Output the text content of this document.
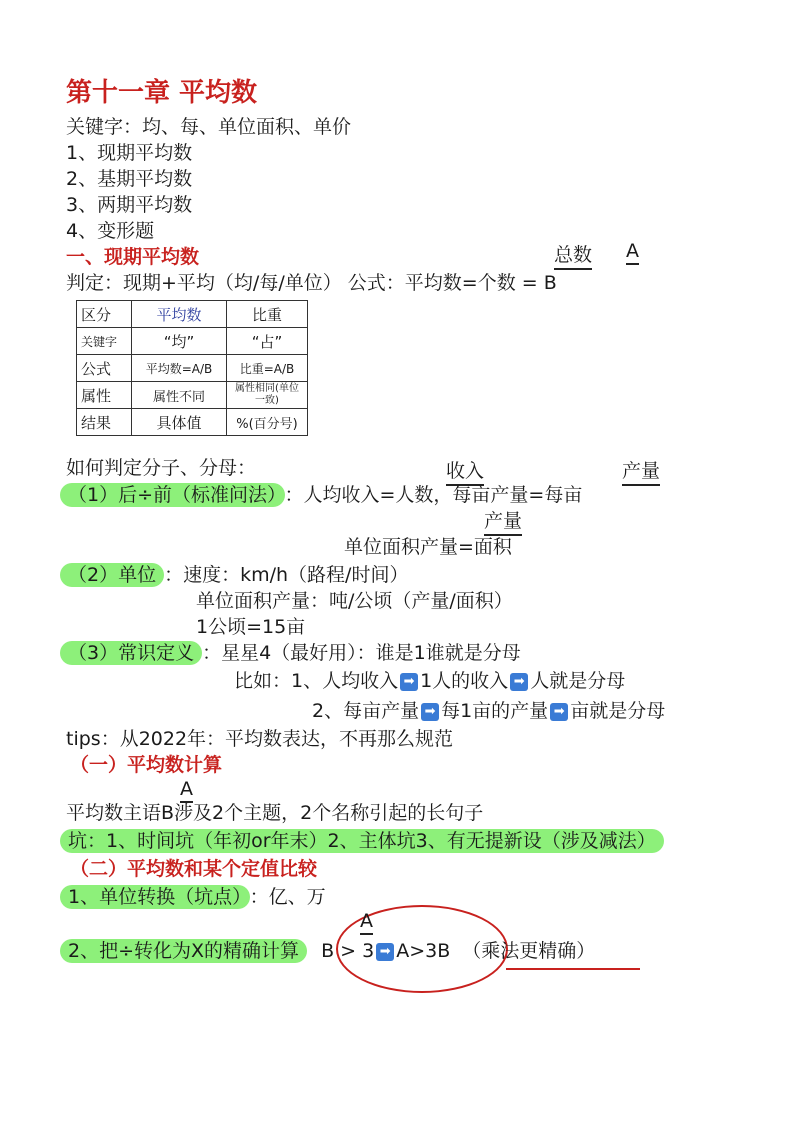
第十一章 平均数
关键字：均、每、单位面积、单价
1、现期平均数
2、基期平均数
3、两期平均数
4、变形题
一、现期平均数	总数 A
判定：现期+平均（均/每/单位） 公式：平均数=个数 = B
区分	平均数	比重
关键字	“均”	“占”
公式	平均数=A/B	比重=A/B
属性	属性不同	属性相同(单位一致)
结果	具体值	%(百分号)
收入	产量
如何判定分子、分母：
（1）后÷前（标准问法） ：人均收入=人数，每亩产量=每亩
产量
单位面积产量=面积
（2）单位 ：速度：km/h（路程/时间）
单位面积产量：吨/公顷（产量/面积）
1公顷=15亩
（3）常识定义 ：星星4（最好用）：谁是1谁就是分母
比如：1、人均收入 ➡ 1人的收入 ➡ 人就是分母
2、每亩产量 ➡ 每1亩的产量 ➡ 亩就是分母
tips：从2022年：平均数表达，不再那么规范
（一）平均数计算
A
平均数主语B涉及2个主题，2个名称引起的长句子
坑：1、时间坑（年初or年末）2、主体坑3、有无提新设（涉及减法）
（二）平均数和某个定值比较
1、单位转换（坑点） ：亿、万
A
2、把÷转化为X的精确计算 B > 3 ➡ A>3B （乘法更精确）
